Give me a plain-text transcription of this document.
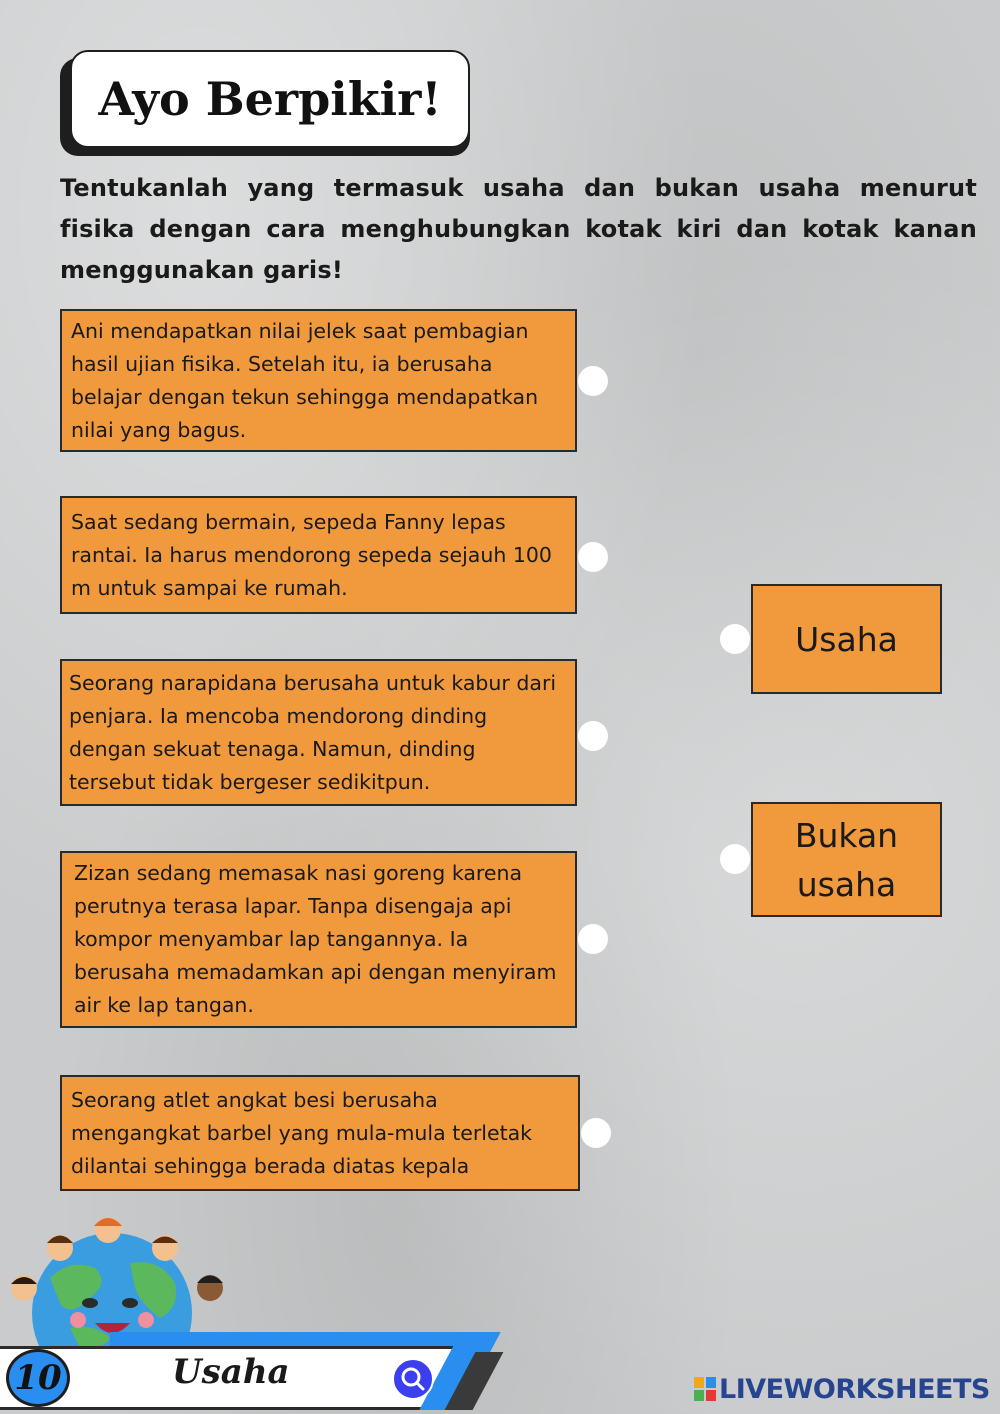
Ayo Berpikir!

Tentukanlah yang termasuk usaha dan bukan usaha menurut fisika dengan cara menghubungkan kotak kiri dan kotak kanan menggunakan garis!

Ani mendapatkan nilai jelek saat pembagian hasil ujian fisika. Setelah itu, ia berusaha belajar dengan tekun sehingga mendapatkan nilai yang bagus.

Saat sedang bermain, sepeda Fanny lepas rantai. Ia harus mendorong sepeda sejauh 100 m untuk sampai ke rumah.

Seorang narapidana berusaha untuk kabur dari penjara. Ia mencoba mendorong dinding dengan sekuat tenaga. Namun, dinding tersebut tidak bergeser sedikitpun.

Zizan sedang memasak nasi goreng karena perutnya terasa lapar. Tanpa disengaja api kompor menyambar lap tangannya. Ia berusaha memadamkan api dengan menyiram air ke lap tangan.

Seorang atlet angkat besi berusaha mengangkat barbel yang mula-mula terletak dilantai sehingga berada diatas kepala

Usaha
Bukan usaha
10	Usaha	LIVEWORKSHEETS
